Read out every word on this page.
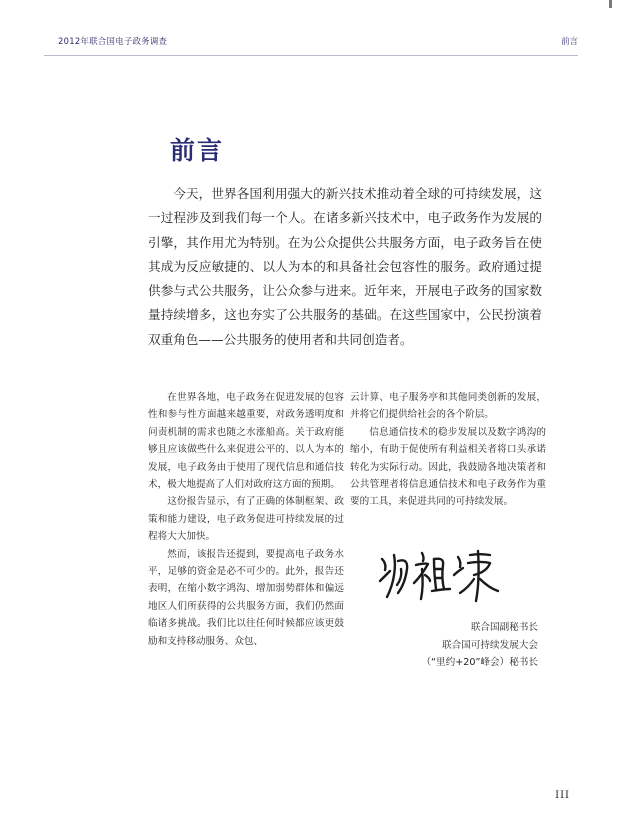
2012年联合国电子政务调查	前言
前言

今天，世界各国利用强大的新兴技术推动着全球的可持续发展，这一过程涉及到我们每一个人。在诸多新兴技术中，电子政务作为发展的引擎，其作用尤为特别。在为公众提供公共服务方面，电子政务旨在使其成为反应敏捷的、以人为本的和具备社会包容性的服务。政府通过提供参与式公共服务，让公众参与进来。近年来，开展电子政务的国家数量持续增多，这也夯实了公共服务的基础。在这些国家中，公民扮演着双重角色——公共服务的使用者和共同创造者。

在世界各地，电子政务在促进发展的包容性和参与性方面越来越重要，对政务透明度和问责机制的需求也随之水涨船高。关于政府能够且应该做些什么来促进公平的、以人为本的发展，电子政务由于使用了现代信息和通信技术，极大地提高了人们对政府这方面的预期。

这份报告显示，有了正确的体制框架、政策和能力建设，电子政务促进可持续发展的过程将大大加快。

然而，该报告还提到，要提高电子政务水平，足够的资金是必不可少的。此外，报告还表明，在缩小数字鸿沟、增加弱势群体和偏远地区人们所获得的公共服务方面，我们仍然面临诸多挑战。我们比以往任何时候都应该更鼓励和支持移动服务、众包、

云计算、电子服务亭和其他同类创新的发展，并将它们提供给社会的各个阶层。

信息通信技术的稳步发展以及数字鸿沟的缩小，有助于促使所有利益相关者将口头承诺转化为实际行动。因此，我鼓励各地决策者和公共管理者将信息通信技术和电子政务作为重要的工具，来促进共同的可持续发展。

联合国副秘书长
联合国可持续发展大会
（“里约+20”峰会）秘书长
III
